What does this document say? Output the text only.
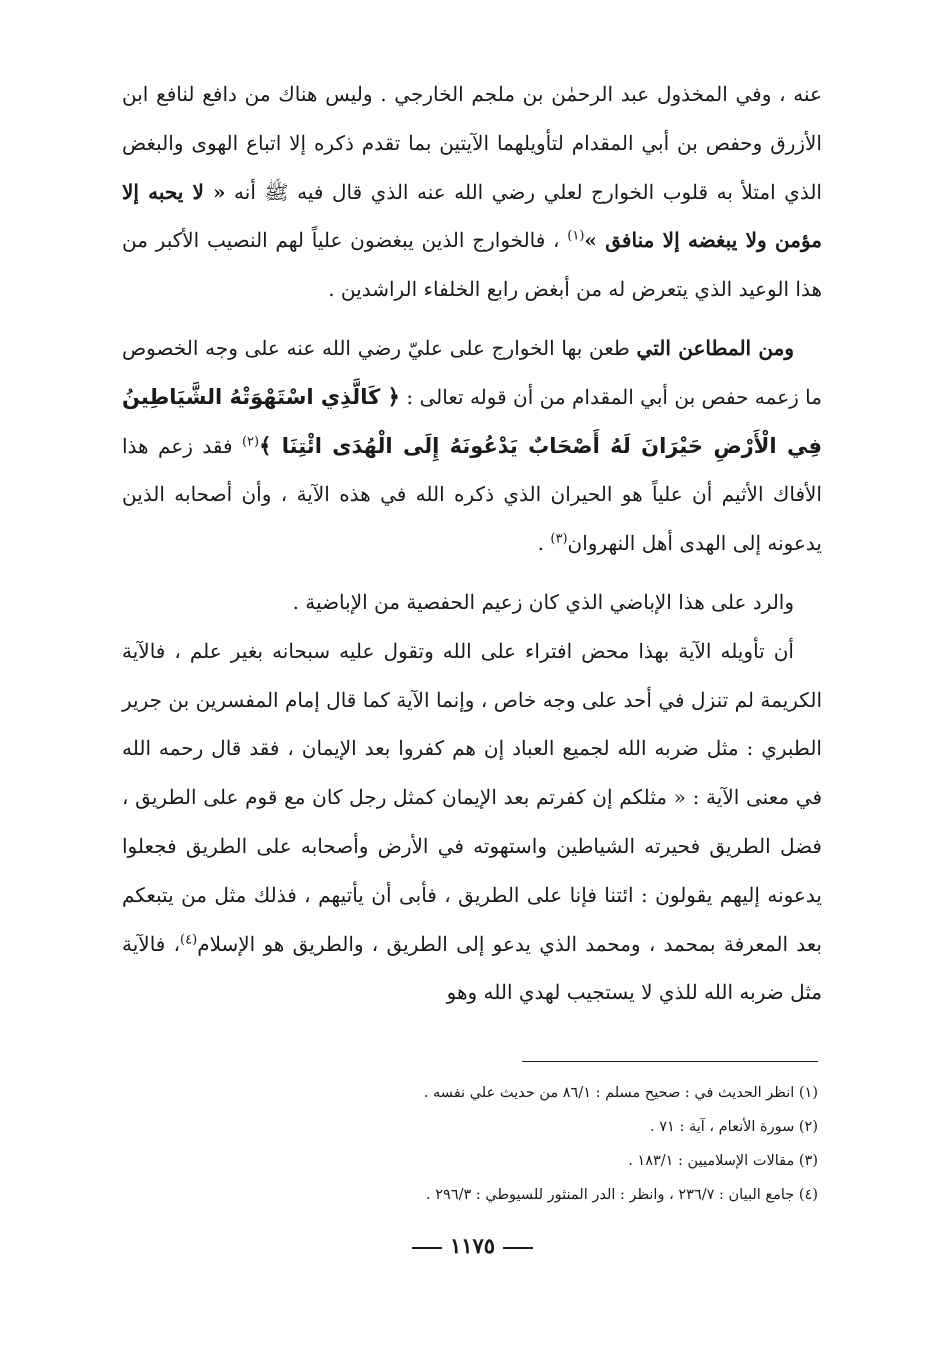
عنه ، وفي المخذول عبد الرحمٰن بن ملجم الخارجي . وليس هناك من دافع لنافع ابن الأزرق وحفص بن أبي المقدام لتأويلهما الآيتين بما تقدم ذكره إلا اتباع الهوى والبغض الذي امتلأ به قلوب الخوارج لعلي رضي الله عنه الذي قال فيه ﷺ أنه « لا يحبه إلا مؤمن ولا يبغضه إلا منافق »$^{(١)}$ ، فالخوارج الذين يبغضون علياً لهم النصيب الأكبر من هذا الوعيد الذي يتعرض له من أبغض رابع الخلفاء الراشدين .

ومن المطاعن التي طعن بها الخوارج على عليّ رضي الله عنه على وجه الخصوص ما زعمه حفص بن أبي المقدام من أن قوله تعالى : ﴿ كَالَّذِي اسْتَهْوَتْهُ الشَّيَاطِينُ فِي الْأَرْضِ حَيْرَانَ لَهُ أَصْحَابٌ يَدْعُونَهُ إِلَى الْهُدَى ائْتِنَا ﴾$^{(٢)}$ فقد زعم هذا الأفاك الأثيم أن علياً هو الحيران الذي ذكره الله في هذه الآية ، وأن أصحابه الذين يدعونه إلى الهدى أهل النهروان$^{(٣)}$ .

والرد على هذا الإباضي الذي كان زعيم الحفصية من الإباضية .

أن تأويله الآية بهذا محض افتراء على الله وتقول عليه سبحانه بغير علم ، فالآية الكريمة لم تنزل في أحد على وجه خاص ، وإنما الآية كما قال إمام المفسرين بن جرير الطبري : مثل ضربه الله لجميع العباد إن هم كفروا بعد الإيمان ، فقد قال رحمه الله في معنى الآية : « مثلكم إن كفرتم بعد الإيمان كمثل رجل كان مع قوم على الطريق ، فضل الطريق فحيرته الشياطين واستهوته في الأرض وأصحابه على الطريق فجعلوا يدعونه إليهم يقولون : ائتنا فإنا على الطريق ، فأبى أن يأتيهم ، فذلك مثل من يتبعكم بعد المعرفة بمحمد ، ومحمد الذي يدعو إلى الطريق ، والطريق هو الإسلام$^{(٤)}$، فالآية مثل ضربه الله للذي لا يستجيب لهدي الله وهو

(١) انظر الحديث في : صحيح مسلم : ٨٦/١ من حديث علي نفسه .

(٢) سورة الأنعام ، آية : ٧١ .

(٣) مقالات الإسلاميين : ١٨٣/١ .

(٤) جامع البيان : ٢٣٦/٧ ، وانظر : الدر المنثور للسيوطي : ٢٩٦/٣ .

١١٧٥
